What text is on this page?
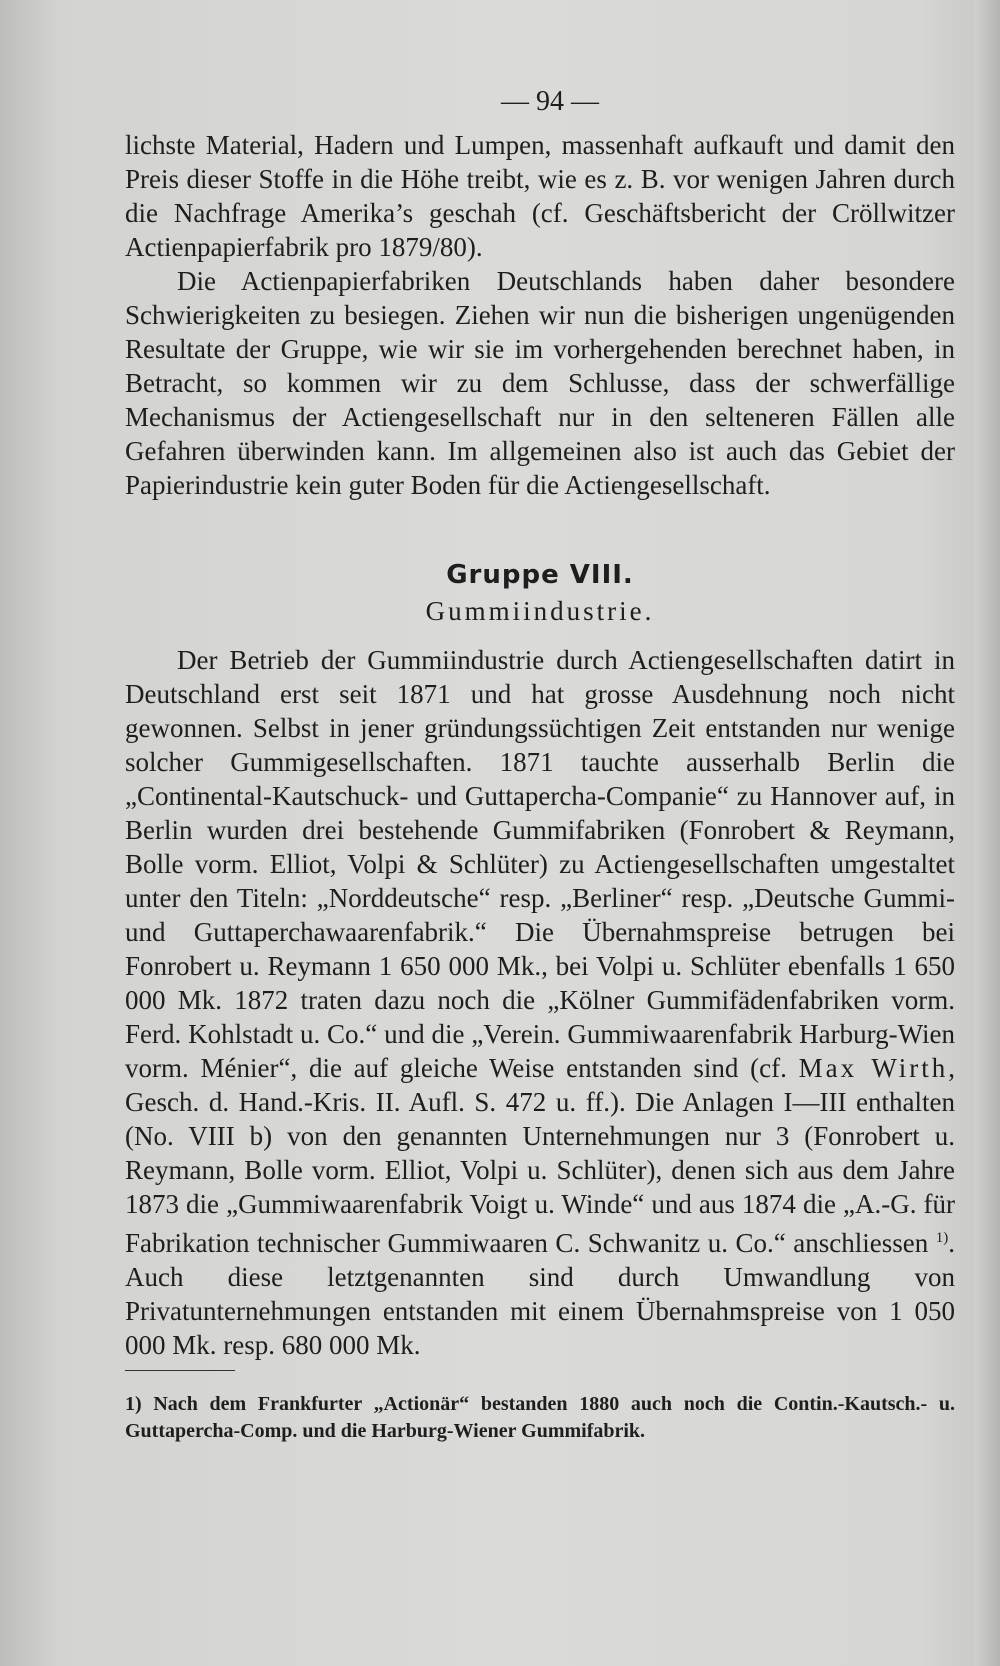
— 94 —

lichste Material, Hadern und Lumpen, massenhaft aufkauft und damit den Preis dieser Stoffe in die Höhe treibt, wie es z. B. vor wenigen Jahren durch die Nachfrage Amerika’s geschah (cf. Geschäftsbericht der Cröllwitzer Actienpapierfabrik pro 1879/80).

Die Actienpapierfabriken Deutschlands haben daher besondere Schwierigkeiten zu besiegen. Ziehen wir nun die bisherigen ungenügenden Resultate der Gruppe, wie wir sie im vorhergehenden berechnet haben, in Betracht, so kommen wir zu dem Schlusse, dass der schwerfällige Mechanismus der Actiengesellschaft nur in den selteneren Fällen alle Gefahren überwinden kann. Im allgemeinen also ist auch das Gebiet der Papierindustrie kein guter Boden für die Actiengesellschaft.

Gruppe VIII.
Gummiindustrie.

Der Betrieb der Gummiindustrie durch Actiengesellschaften datirt in Deutschland erst seit 1871 und hat grosse Ausdehnung noch nicht gewonnen. Selbst in jener gründungssüchtigen Zeit entstanden nur wenige solcher Gummigesellschaften. 1871 tauchte ausserhalb Berlin die „Continental-Kautschuck- und Guttapercha-Companie“ zu Hannover auf, in Berlin wurden drei bestehende Gummifabriken (Fonrobert & Reymann, Bolle vorm. Elliot, Volpi & Schlüter) zu Actiengesellschaften umgestaltet unter den Titeln: „Norddeutsche“ resp. „Berliner“ resp. „Deutsche Gummi- und Guttaperchawaarenfabrik.“ Die Übernahmspreise betrugen bei Fonrobert u. Reymann 1 650 000 Mk., bei Volpi u. Schlüter ebenfalls 1 650 000 Mk. 1872 traten dazu noch die „Kölner Gummifädenfabriken vorm. Ferd. Kohlstadt u. Co.“ und die „Verein. Gummiwaarenfabrik Harburg-Wien vorm. Ménier“, die auf gleiche Weise entstanden sind (cf. Max Wirth, Gesch. d. Hand.-Kris. II. Aufl. S. 472 u. ff.). Die Anlagen I—III enthalten (No. VIII b) von den genannten Unternehmungen nur 3 (Fonrobert u. Reymann, Bolle vorm. Elliot, Volpi u. Schlüter), denen sich aus dem Jahre 1873 die „Gummiwaarenfabrik Voigt u. Winde“ und aus 1874 die „A.-G. für Fabrikation technischer Gummiwaaren C. Schwanitz u. Co.“ anschliessen $^{1)}$. Auch diese letztgenannten sind durch Umwandlung von Privatunternehmungen entstanden mit einem Übernahmspreise von 1 050 000 Mk. resp. 680 000 Mk.

1) Nach dem Frankfurter „Actionär“ bestanden 1880 auch noch die Contin.-Kautsch.- u. Guttapercha-Comp. und die Harburg-Wiener Gummifabrik.
